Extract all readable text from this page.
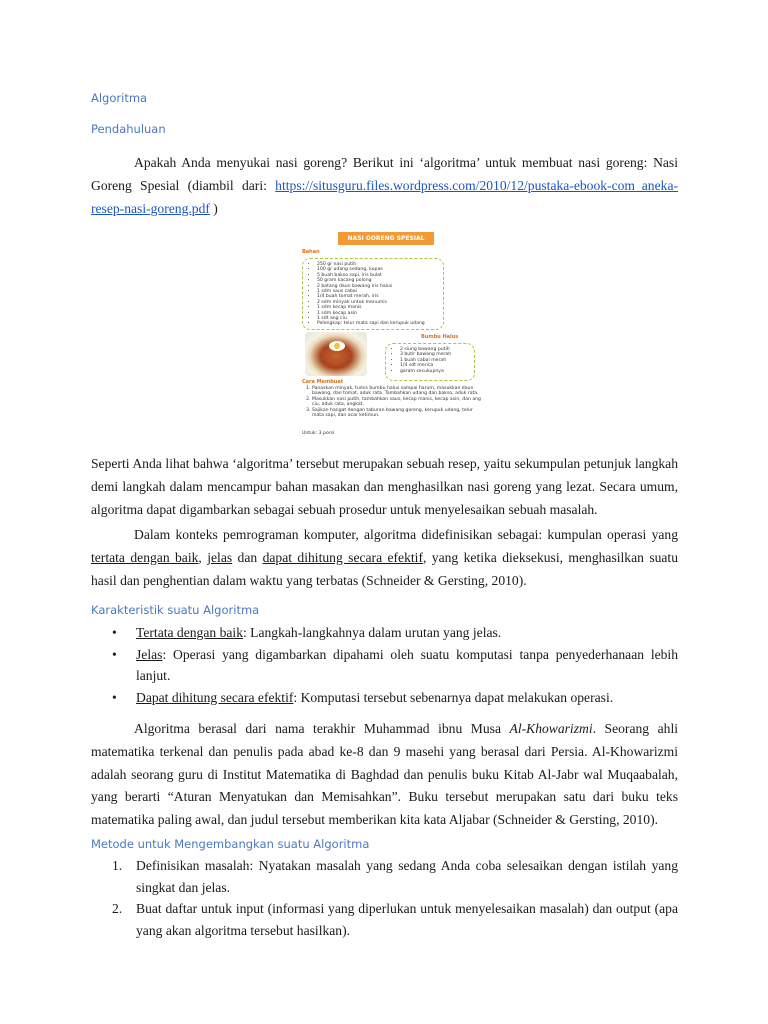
Algoritma
Pendahuluan

Apakah Anda menyukai nasi goreng? Berikut ini ‘algoritma’ untuk membuat nasi goreng: Nasi Goreng Spesial (diambil dari: https://situsguru.files.wordpress.com/2010/12/pustaka-ebook-com_aneka-resep-nasi-goreng.pdf )

NASI GORENG SPESIAL
Bahan
• 250 gr nasi putih
• 100 gr udang sedang, kupas
• 5 buah bakso sapi, iris bulat
• 50 gram kacang polong
• 2 batang daun bawang iris halus
• 1 sdm saus cabai
• 1/4 buah tomat merah, iris
• 2 sdm minyak untuk menumis
• 1 sdm kecap manis
• 1 sdm kecap asin
• 1 sdt ang ciu
• Pelengkap: telur mata sapi dan kerupuk udang
Bumbu Halus
• 2 siung bawang putih
• 3 butir bawang merah
• 1 buah cabai merah
• 1/4 sdt merica
• garam secukupnya
Cara Membuat
1. Panaskan minyak, tumis bumbu halus sampai harum, masukkan daun bawang, dan tomat, aduk rata. Tambahkan udang dan bakso, aduk rata.
2. Masukkan nasi putih, tambahkan saus, kecap manis, kecap asin, dan ang ciu, aduk rata, angkat.
3. Sajikan hangat dengan taburan bawang goreng, kerupuk udang, telur mata sapi, dan acar ketimun.
Untuk: 3 porsi

Seperti Anda lihat bahwa ‘algoritma’ tersebut merupakan sebuah resep, yaitu sekumpulan petunjuk langkah demi langkah dalam mencampur bahan masakan dan menghasilkan nasi goreng yang lezat. Secara umum, algoritma dapat digambarkan sebagai sebuah prosedur untuk menyelesaikan sebuah masalah.

Dalam konteks pemrograman komputer, algoritma didefinisikan sebagai: kumpulan operasi yang tertata dengan baik, jelas dan dapat dihitung secara efektif, yang ketika dieksekusi, menghasilkan suatu hasil dan penghentian dalam waktu yang terbatas (Schneider & Gersting, 2010).

Karakteristik suatu Algoritma
• Tertata dengan baik: Langkah-langkahnya dalam urutan yang jelas.
• Jelas: Operasi yang digambarkan dipahami oleh suatu komputasi tanpa penyederhanaan lebih lanjut.
• Dapat dihitung secara efektif: Komputasi tersebut sebenarnya dapat melakukan operasi.

Algoritma berasal dari nama terakhir Muhammad ibnu Musa Al-Khowarizmi. Seorang ahli matematika terkenal dan penulis pada abad ke-8 dan 9 masehi yang berasal dari Persia. Al-Khowarizmi adalah seorang guru di Institut Matematika di Baghdad dan penulis buku Kitab Al-Jabr wal Muqaabalah, yang berarti “Aturan Menyatukan dan Memisahkan”. Buku tersebut merupakan satu dari buku teks matematika paling awal, dan judul tersebut memberikan kita kata Aljabar (Schneider & Gersting, 2010).

Metode untuk Mengembangkan suatu Algoritma
1. Definisikan masalah: Nyatakan masalah yang sedang Anda coba selesaikan dengan istilah yang singkat dan jelas.
2. Buat daftar untuk input (informasi yang diperlukan untuk menyelesaikan masalah) dan output (apa yang akan algoritma tersebut hasilkan).
